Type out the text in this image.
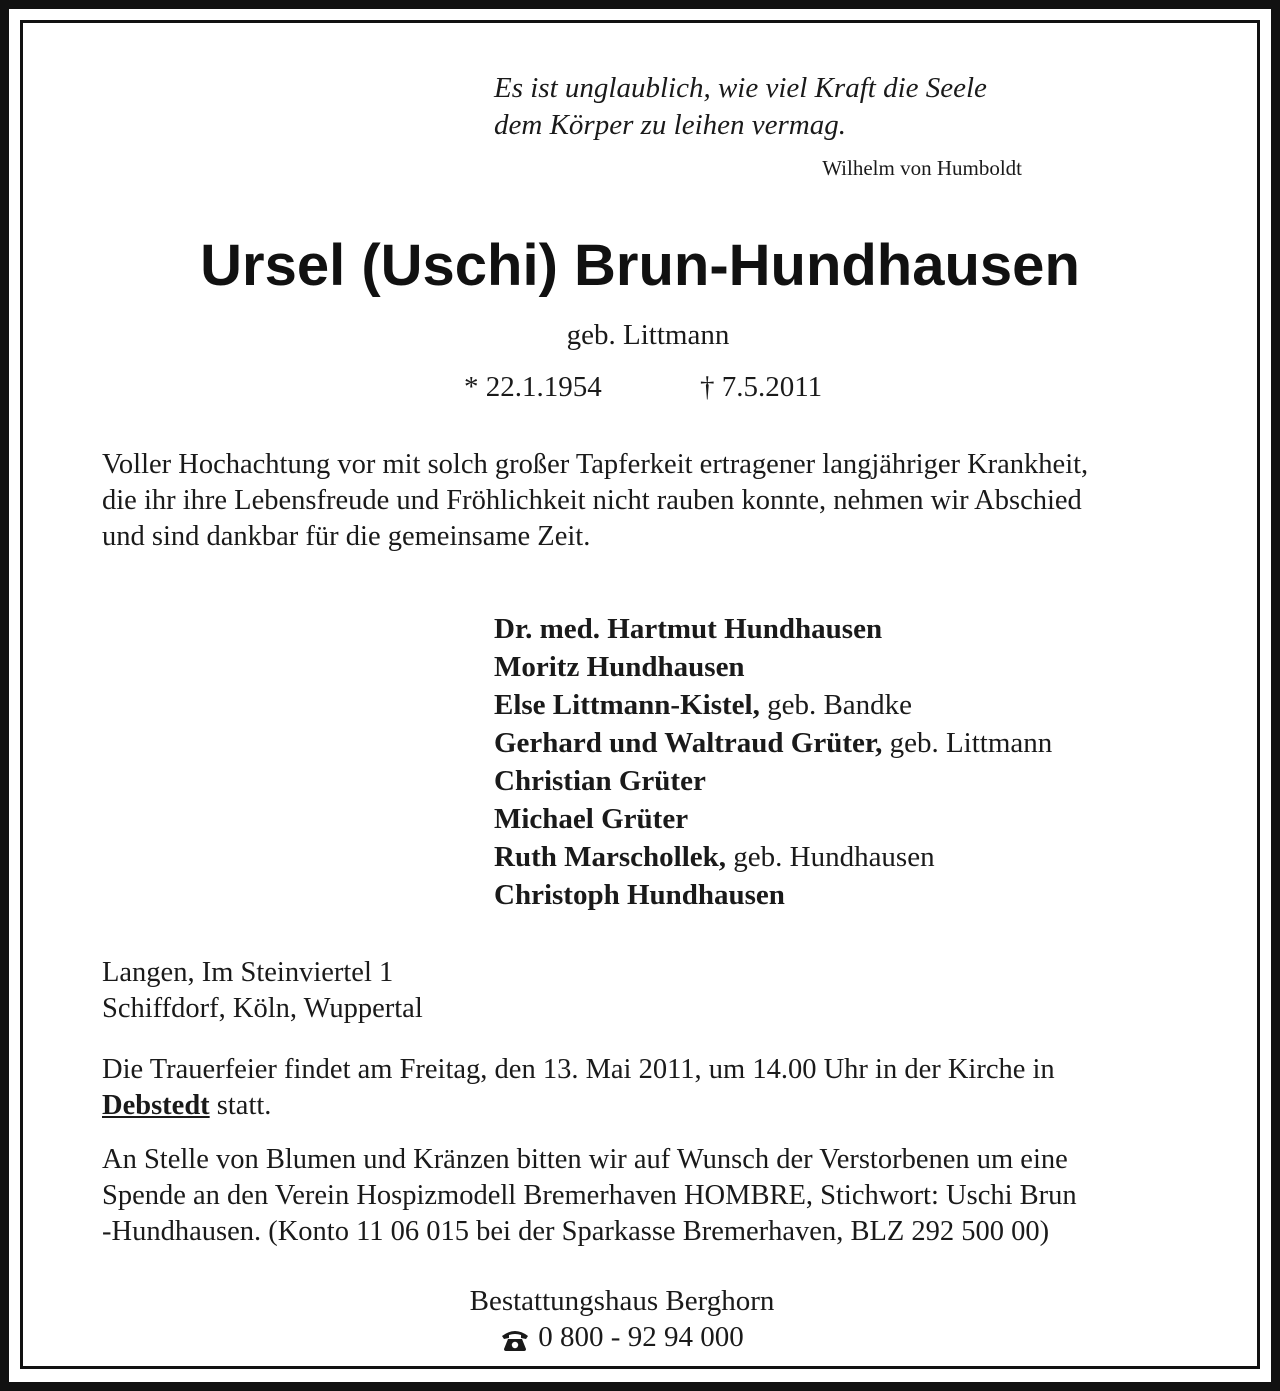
Es ist unglaublich, wie viel Kraft die Seele
dem Körper zu leihen vermag.
Wilhelm von Humboldt
Ursel (Uschi) Brun-Hundhausen
geb. Littmann
* 22.1.1954	† 7.5.2011
Voller Hochachtung vor mit solch großer Tapferkeit ertragener langjähriger Krankheit,
die ihr ihre Lebensfreude und Fröhlichkeit nicht rauben konnte, nehmen wir Abschied
und sind dankbar für die gemeinsame Zeit.
Dr. med. Hartmut Hundhausen
Moritz Hundhausen
Else Littmann-Kistel, geb. Bandke
Gerhard und Waltraud Grüter, geb. Littmann
Christian Grüter
Michael Grüter
Ruth Marschollek, geb. Hundhausen
Christoph Hundhausen
Langen, Im Steinviertel 1
Schiffdorf, Köln, Wuppertal
Die Trauerfeier findet am Freitag, den 13. Mai 2011, um 14.00 Uhr in der Kirche in
Debstedt statt.
An Stelle von Blumen und Kränzen bitten wir auf Wunsch der Verstorbenen um eine
Spende an den Verein Hospizmodell Bremerhaven HOMBRE, Stichwort: Uschi Brun
-Hundhausen. (Konto 11 06 015 bei der Sparkasse Bremerhaven, BLZ 292 500 00)
Bestattungshaus Berghorn
0 800 - 92 94 000
